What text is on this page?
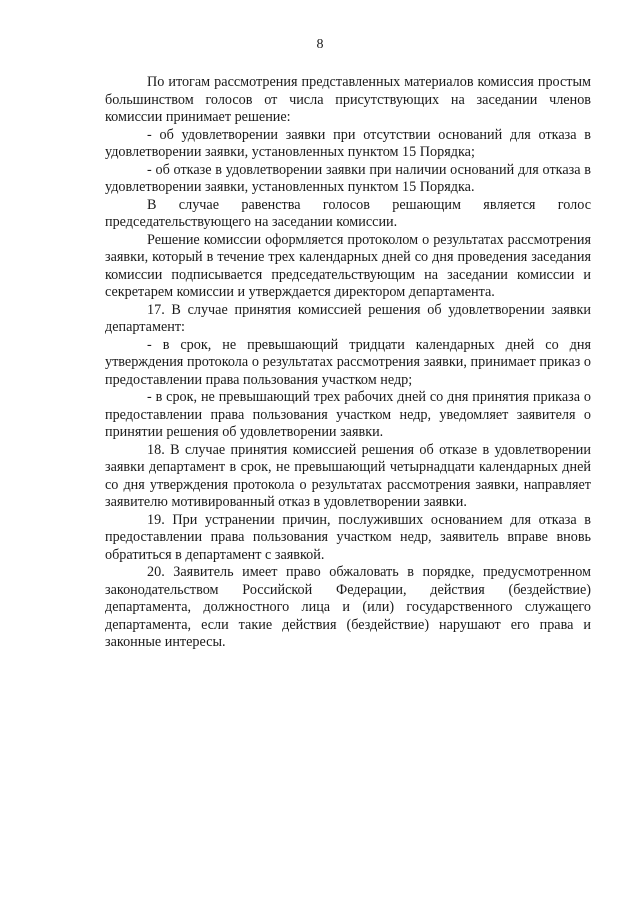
8

По итогам рассмотрения представленных материалов комиссия простым большинством голосов от числа присутствующих на заседании членов комиссии принимает решение:

- об удовлетворении заявки при отсутствии оснований для отказа в удовлетворении заявки, установленных пунктом 15 Порядка;

- об отказе в удовлетворении заявки при наличии оснований для отказа в удовлетворении заявки, установленных пунктом 15 Порядка.

В случае равенства голосов решающим является голос председательствующего на заседании комиссии.

Решение комиссии оформляется протоколом о результатах рассмотрения заявки, который в течение трех календарных дней со дня проведения заседания комиссии подписывается председательствующим на заседании комиссии и секретарем комиссии и утверждается директором департамента.

17. В случае принятия комиссией решения об удовлетворении заявки департамент:

- в срок, не превышающий тридцати календарных дней со дня утверждения протокола о результатах рассмотрения заявки, принимает приказ о предоставлении права пользования участком недр;

- в срок, не превышающий трех рабочих дней со дня принятия приказа о предоставлении права пользования участком недр, уведомляет заявителя о принятии решения об удовлетворении заявки.

18. В случае принятия комиссией решения об отказе в удовлетворении заявки департамент в срок, не превышающий четырнадцати календарных дней со дня утверждения протокола о результатах рассмотрения заявки, направляет заявителю мотивированный отказ в удовлетворении заявки.

19. При устранении причин, послуживших основанием для отказа в предоставлении права пользования участком недр, заявитель вправе вновь обратиться в департамент с заявкой.

20. Заявитель имеет право обжаловать в порядке, предусмотренном законодательством Российской Федерации, действия (бездействие) департамента, должностного лица и (или) государственного служащего департамента, если такие действия (бездействие) нарушают его права и законные интересы.
